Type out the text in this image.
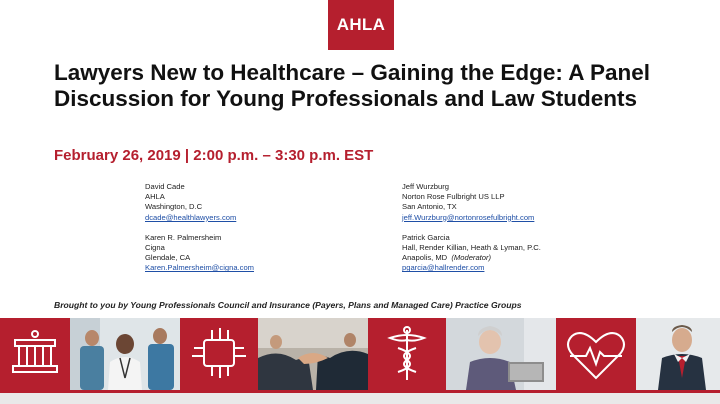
AHLA
Lawyers New to Healthcare – Gaining the Edge: A Panel Discussion for Young Professionals and Law Students
February 26, 2019 | 2:00 p.m. – 3:30 p.m. EST
David Cade
AHLA
Washington, D.C
dcade@healthlawyers.com
Karen R. Palmersheim
Cigna
Glendale, CA
Karen.Palmersheim@cigna.com
Jeff Wurzburg
Norton Rose Fulbright US LLP
San Antonio, TX
jeff.Wurzburg@nortonrosefulbright.com
Patrick Garcia
Hall, Render Killian, Heath & Lyman, P.C.
Anapolis, MD (Moderator)
pgarcia@hallrender.com
Brought to you by Young Professionals Council and Insurance (Payers, Plans and Managed Care) Practice Groups
